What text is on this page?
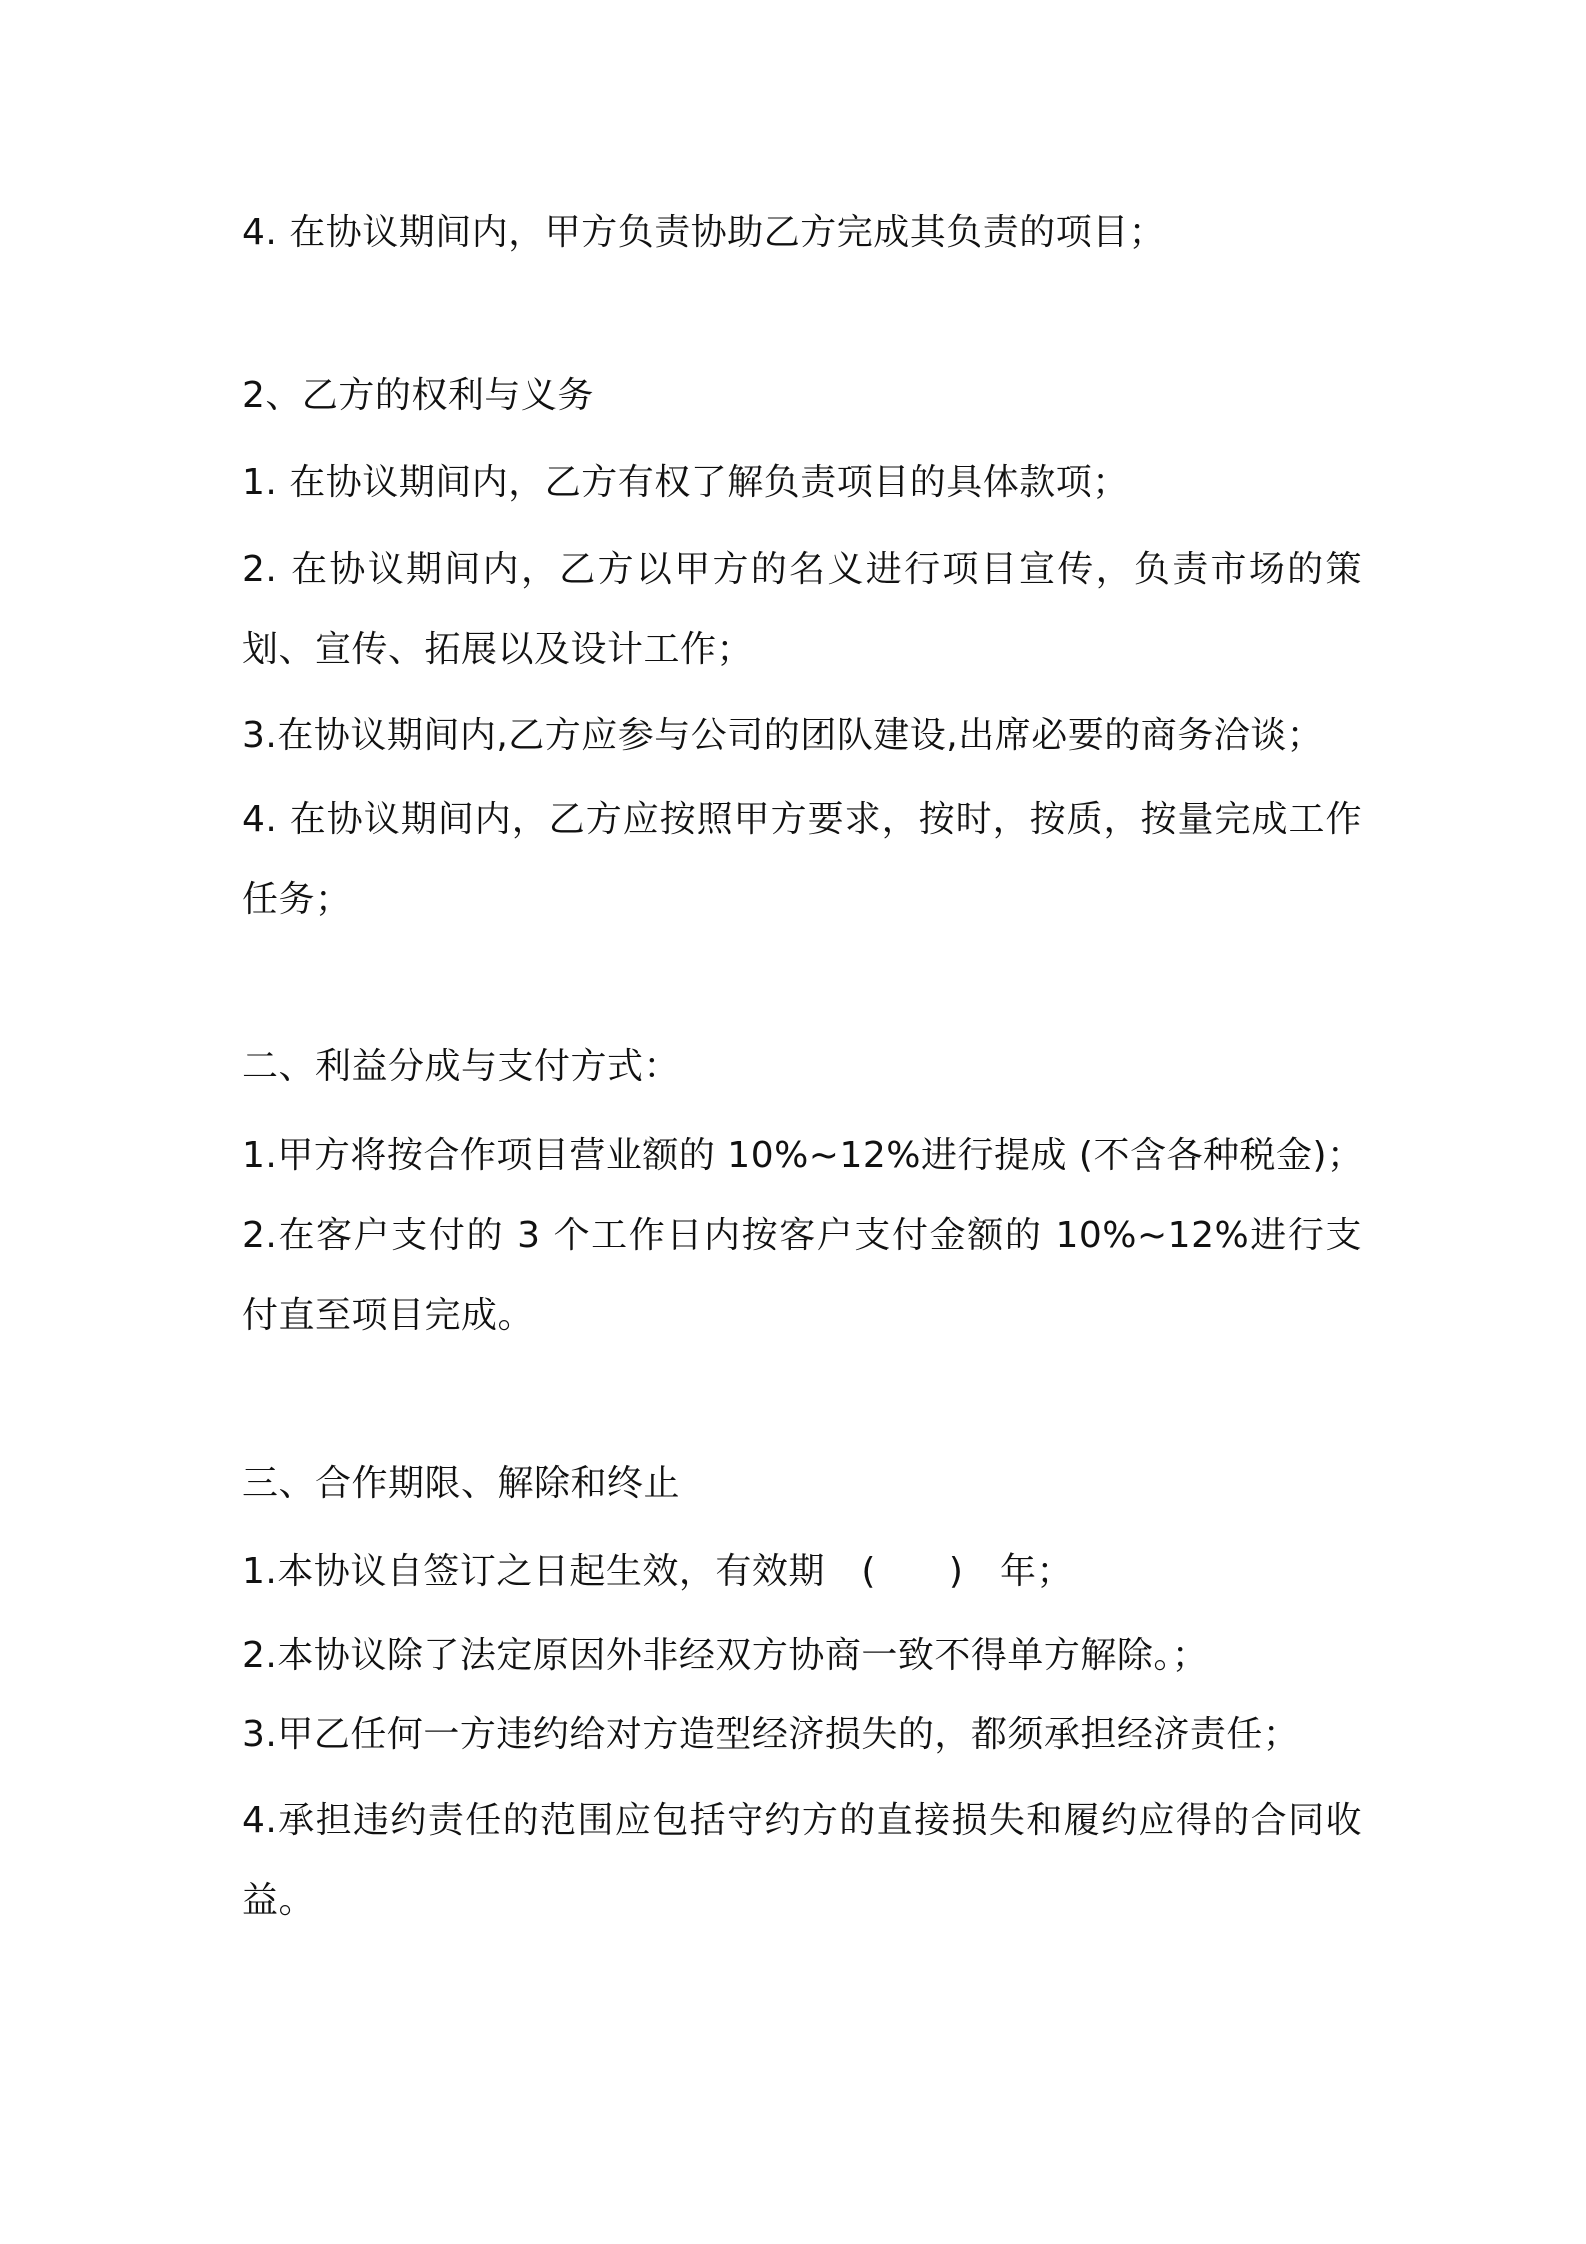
4. 在协议期间内，甲方负责协助乙方完成其负责的项目；
2、乙方的权利与义务
1. 在协议期间内，乙方有权了解负责项目的具体款项；
2. 在协议期间内，乙方以甲方的名义进行项目宣传，负责市场的策划、宣传、拓展以及设计工作；
3.在协议期间内,乙方应参与公司的团队建设,出席必要的商务洽谈；
4. 在协议期间内，乙方应按照甲方要求，按时，按质，按量完成工作任务；
二、利益分成与支付方式：
1.甲方将按合作项目营业额的 10%~12%进行提成 (不含各种税金)；
2.在客户支付的 3 个工作日内按客户支付金额的 10%~12%进行支付直至项目完成。
三、合作期限、解除和终止
1.本协议自签订之日起生效，有效期　(　　)　年；
2.本协议除了法定原因外非经双方协商一致不得单方解除。；
3.甲乙任何一方违约给对方造型经济损失的，都须承担经济责任；
4.承担违约责任的范围应包括守约方的直接损失和履约应得的合同收益。
